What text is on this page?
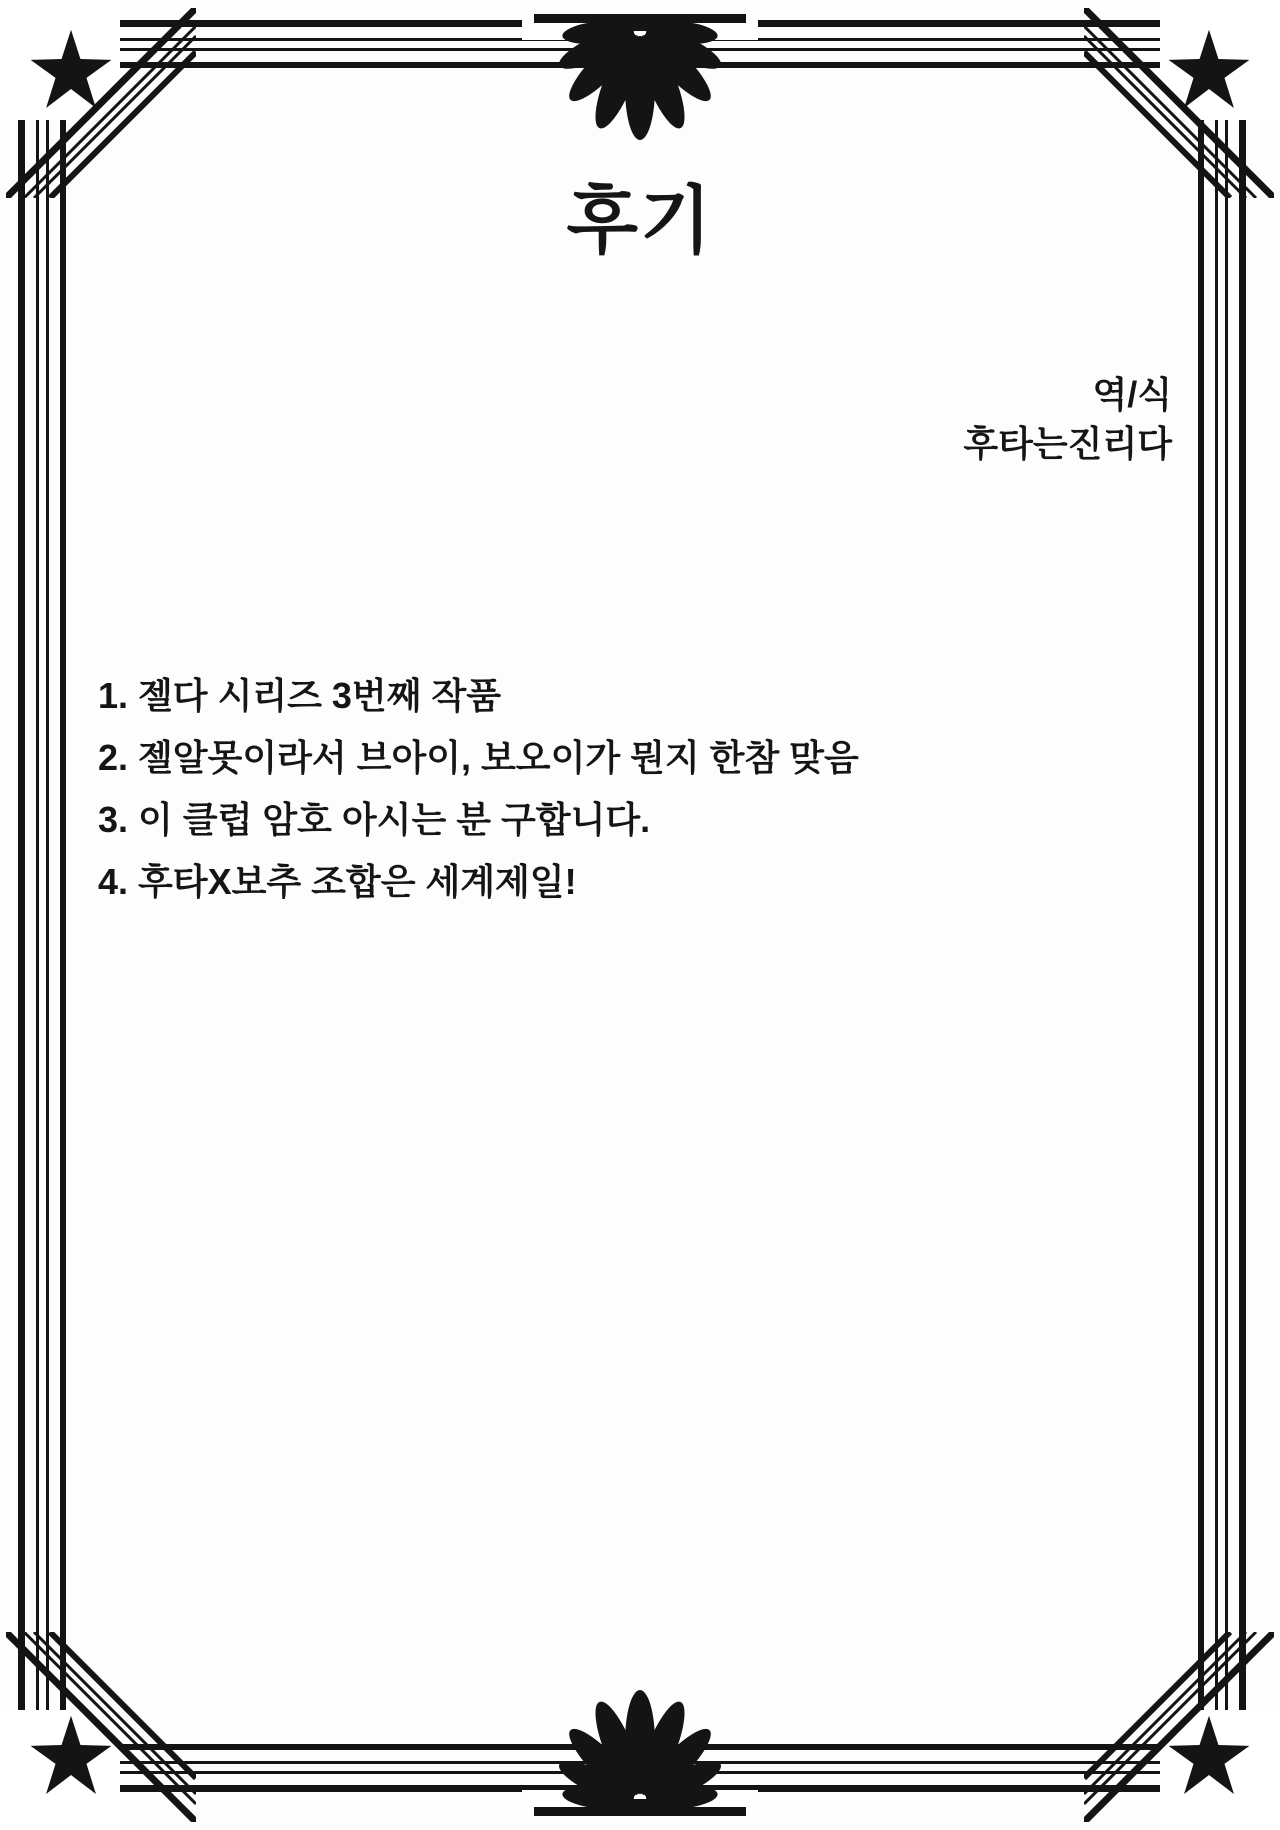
후기
역/식
후타는진리다
1. 젤다 시리즈 3번째 작품
2. 젤알못이라서 브아이, 보오이가 뭔지 한참 맞음
3. 이 클럽 암호 아시는 분 구합니다.
4. 후타X보추 조합은 세계제일!
